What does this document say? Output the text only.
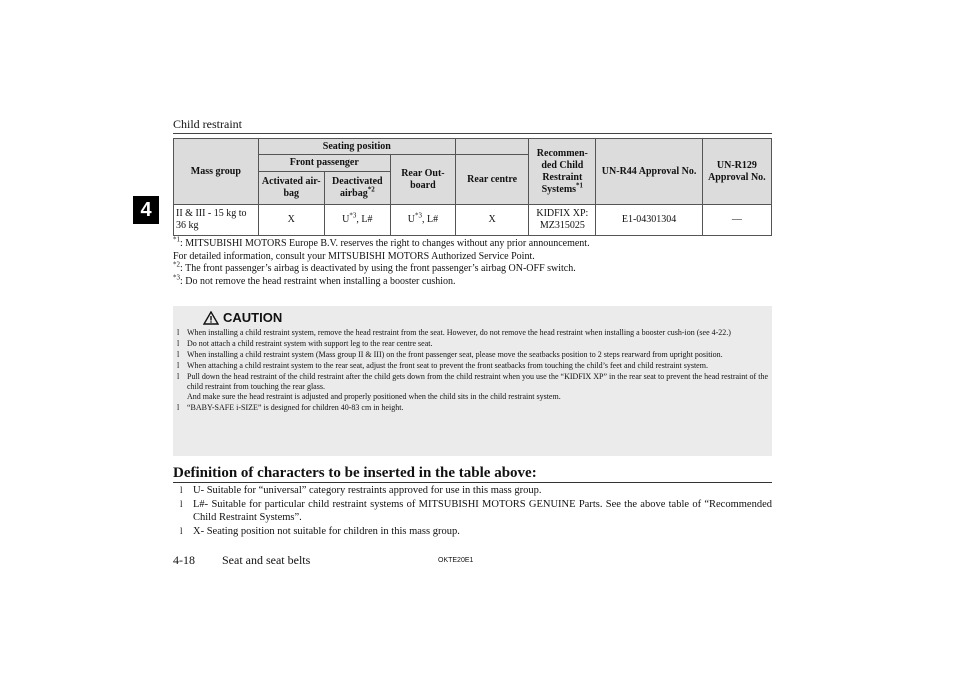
Child restraint
4
Mass group	Seating position				Recommen-ded Child Restraint Systems$^{*1}$	UN-R44 Approval No.	UN-R129 Approval No.
	Front passenger		Rear Out-board	Rear centre			
	Activated air-bag	Deactivated airbag$^{*2}$
II & III - 15 kg to 36 kg	X	$U^{*3}$, L#	$U^{*3}$, L#	X	KIDFIX XP: MZ315025	E1-04301304	—

$^{*1}$: MITSUBISHI MOTORS Europe B.V. reserves the right to changes without any prior announcement.

For detailed information, consult your MITSUBISHI MOTORS Authorized Service Point.

$^{*2}$: The front passenger’s airbag is deactivated by using the front passenger’s airbag ON-OFF switch.

$^{*3}$: Do not remove the head restraint when installing a booster cushion.

CAUTION
l When installing a child restraint system, remove the head restraint from the seat. However, do not remove the head restraint when installing a booster cush-ion (see 4-22.)
l Do not attach a child restraint system with support leg to the rear centre seat.
l When installing a child restraint system (Mass group II & III) on the front passenger seat, please move the seatbacks position to 2 steps rearward from upright position.
l When attaching a child restraint system to the rear seat, adjust the front seat to prevent the front seatbacks from touching the child’s feet and child restraint system.
l Pull down the head restraint of the child restraint after the child gets down from the child restraint when you use the “KIDFIX XP” in the rear seat to prevent the head restraint of the child restraint from touching the rear glass.
And make sure the head restraint is adjusted and properly positioned when the child sits in the child restraint system.
l “BABY-SAFE i-SIZE” is designed for children 40-83 cm in height.
Definition of characters to be inserted in the table above:
l U- Suitable for “universal” category restraints approved for use in this mass group.
l L#- Suitable for particular child restraint systems of MITSUBISHI MOTORS GENUINE Parts. See the above table of “Recommended Child Restraint Systems”.
l X- Seating position not suitable for children in this mass group.
4-18 Seat and seat belts	OKTE20E1
